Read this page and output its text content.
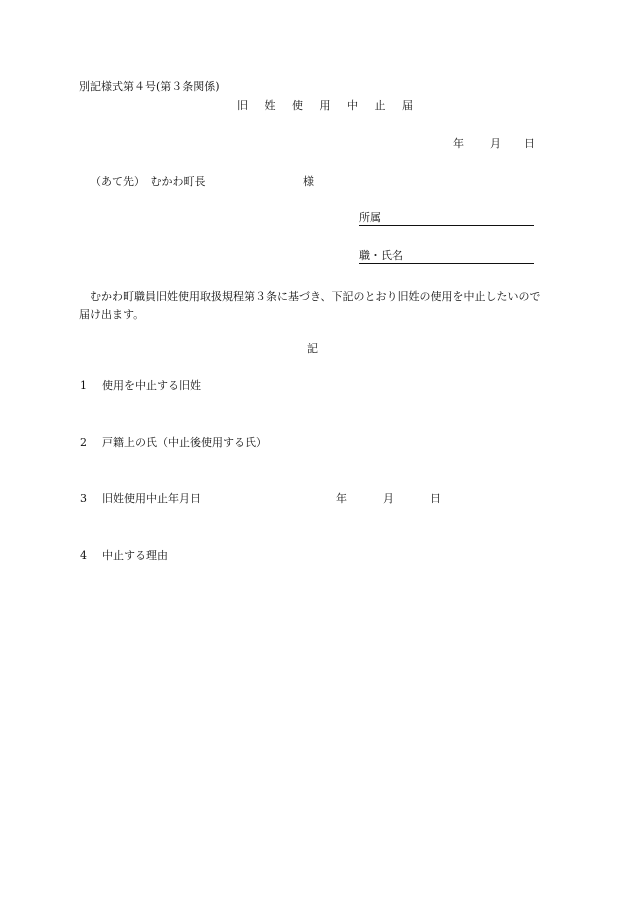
別記様式第４号(第３条関係)
旧 姓 使 用 中 止 届
年 月 日
（あて先）　むかわ町長	様
所属
職・氏名
むかわ町職員旧姓使用取扱規程第３条に基づき、下記のとおり旧姓の使用を中止したいので届け出ます。
記
1 使用を中止する旧姓
2 戸籍上の氏（中止後使用する氏）
3 旧姓使用中止年月日	年	月	日
4 中止する理由
